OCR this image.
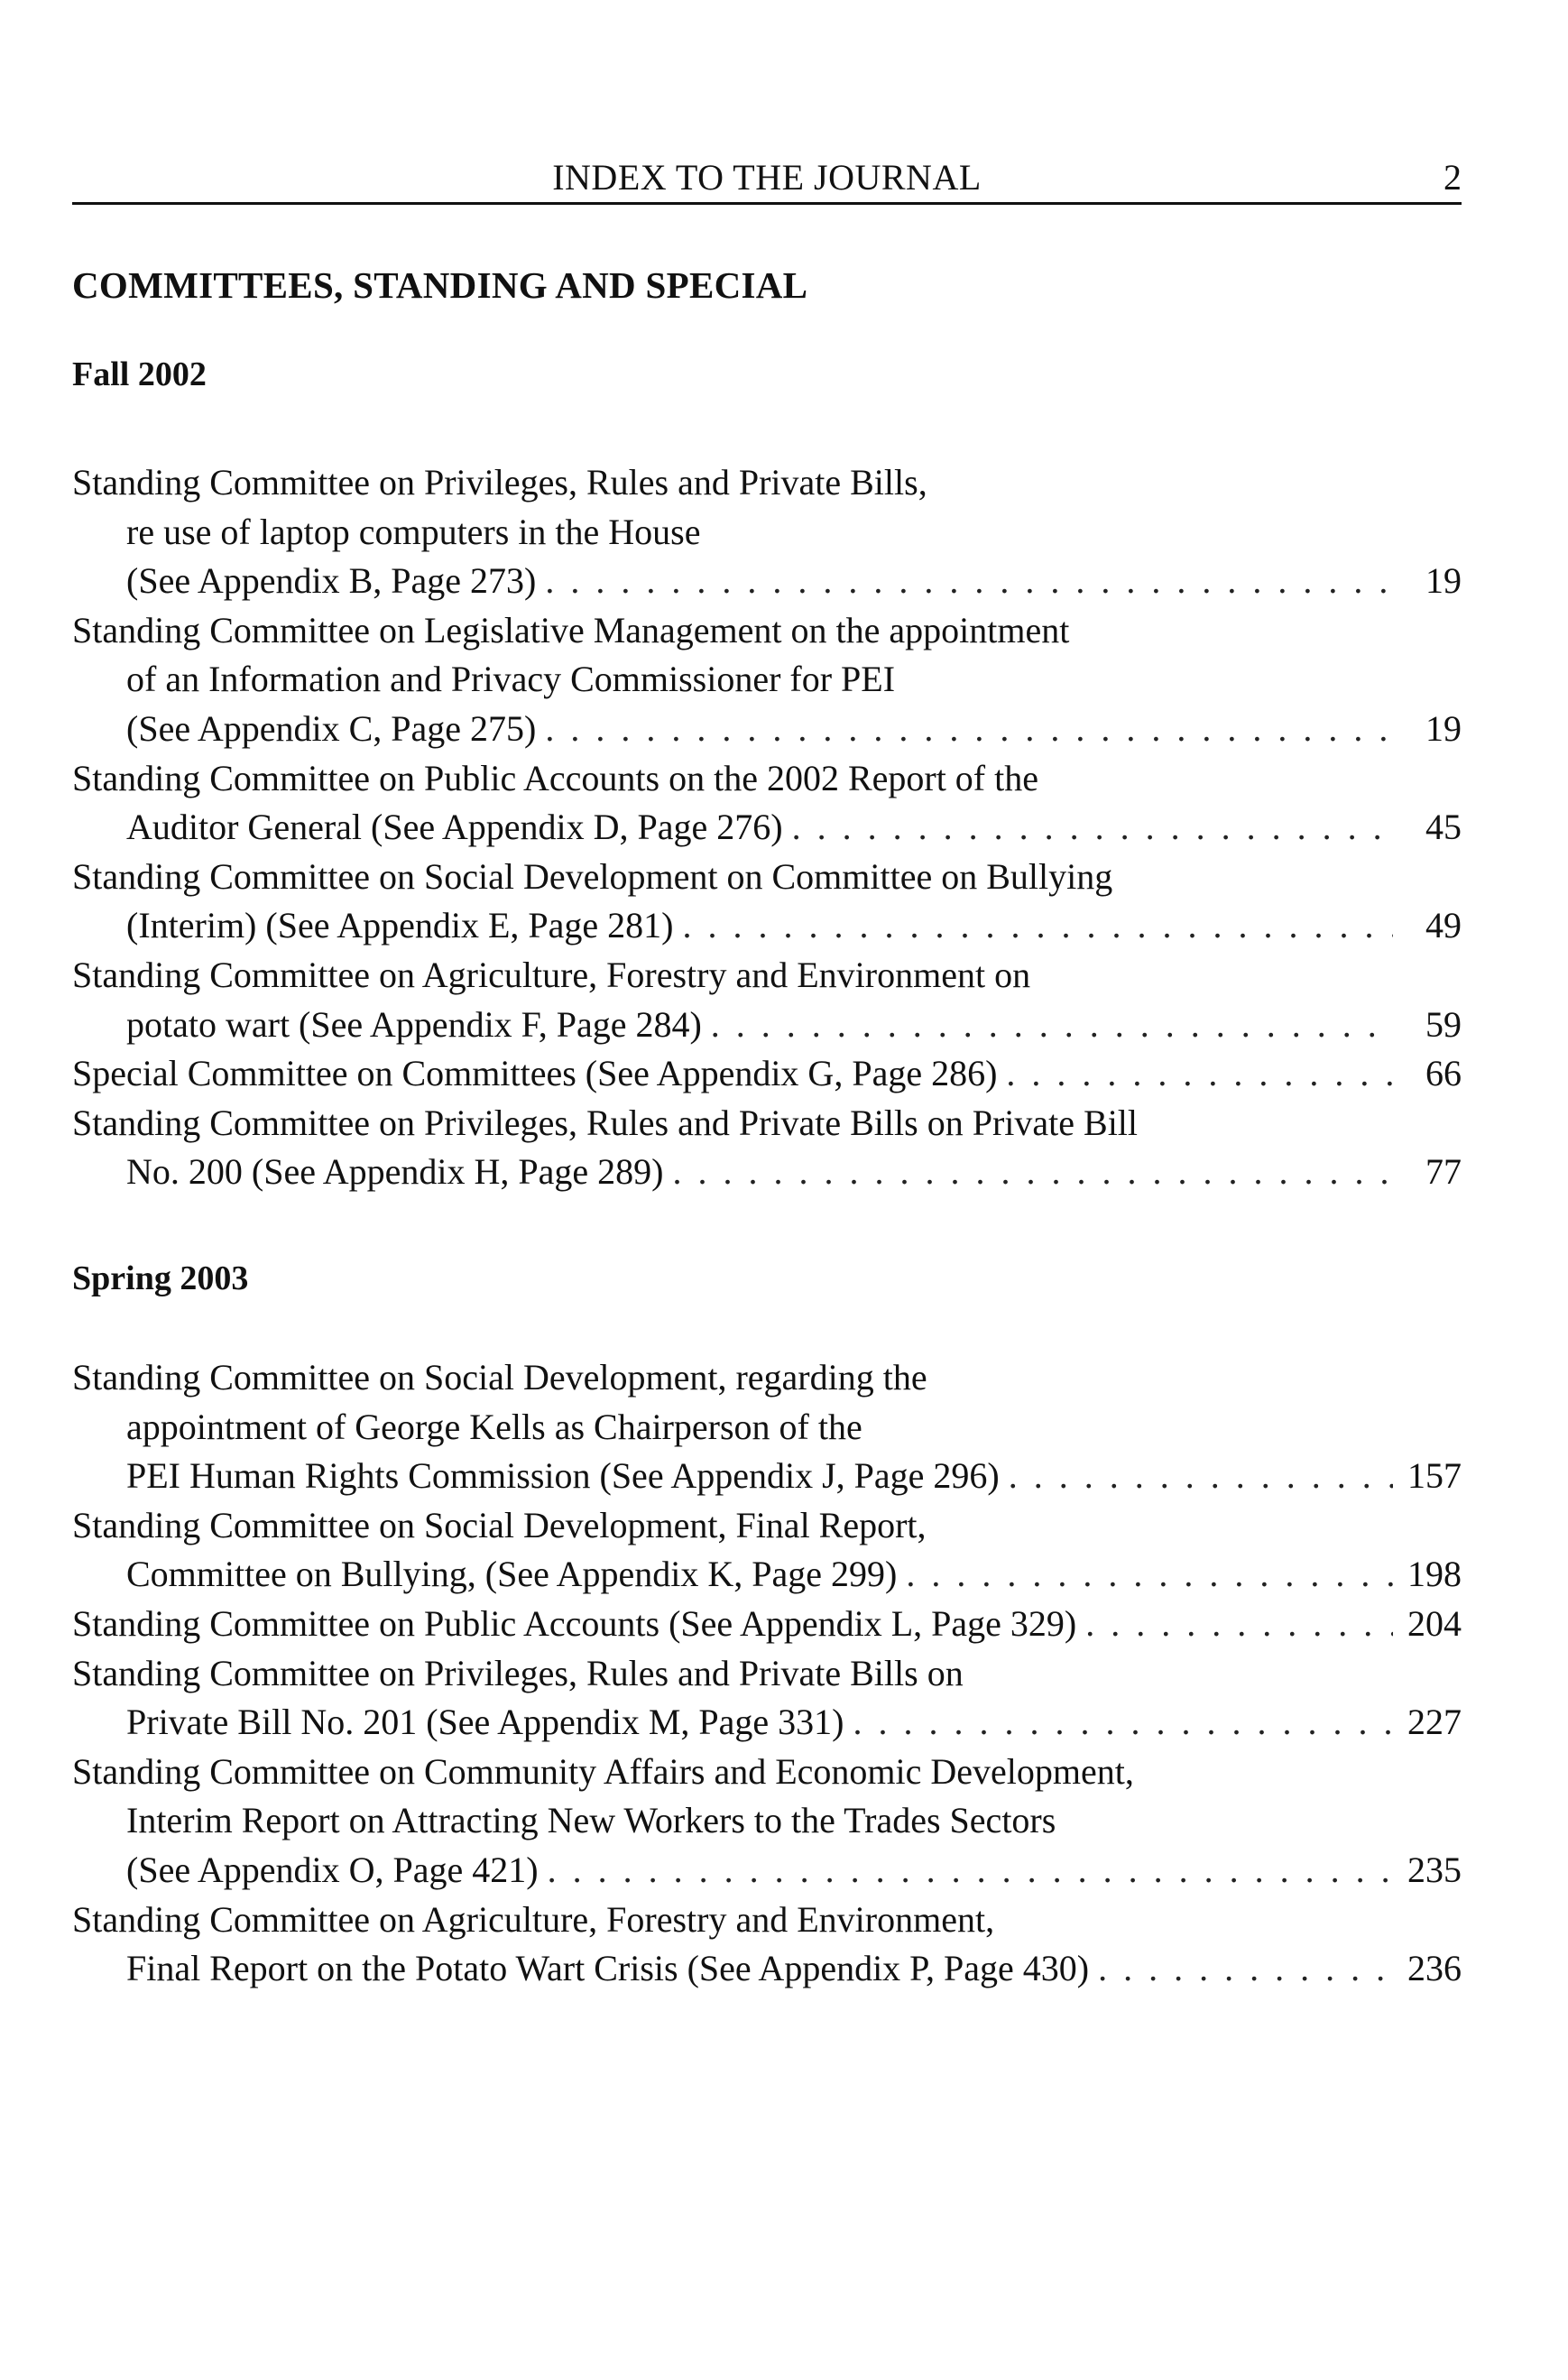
INDEX TO THE JOURNAL	2
COMMITTEES, STANDING AND SPECIAL
Fall 2002
Standing Committee on Privileges, Rules and Private Bills,
re use of laptop computers in the House
(See Appendix B, Page 273) . . .	19
Standing Committee on Legislative Management on the appointment
of an Information and Privacy Commissioner for PEI
(See Appendix C, Page 275) . . .	19
Standing Committee on Public Accounts on the 2002 Report of the
Auditor General (See Appendix D, Page 276) . . .	45
Standing Committee on Social Development on Committee on Bullying
(Interim) (See Appendix E, Page 281) . . .	49
Standing Committee on Agriculture, Forestry and Environment on
potato wart (See Appendix F, Page 284) . . .	59
Special Committee on Committees (See Appendix G, Page 286) . . .	66
Standing Committee on Privileges, Rules and Private Bills on Private Bill
No. 200 (See Appendix H, Page 289) . . .	77
Spring 2003
Standing Committee on Social Development, regarding the
appointment of George Kells as Chairperson of the
PEI Human Rights Commission (See Appendix J, Page 296) . . .	157
Standing Committee on Social Development, Final Report,
Committee on Bullying, (See Appendix K, Page 299) . . .	198
Standing Committee on Public Accounts (See Appendix L, Page 329) . . .	204
Standing Committee on Privileges, Rules and Private Bills on
Private Bill No. 201 (See Appendix M, Page 331) . . .	227
Standing Committee on Community Affairs and Economic Development,
Interim Report on Attracting New Workers to the Trades Sectors
(See Appendix O, Page 421) . . .	235
Standing Committee on Agriculture, Forestry and Environment,
Final Report on the Potato Wart Crisis (See Appendix P, Page 430) . . .	236
